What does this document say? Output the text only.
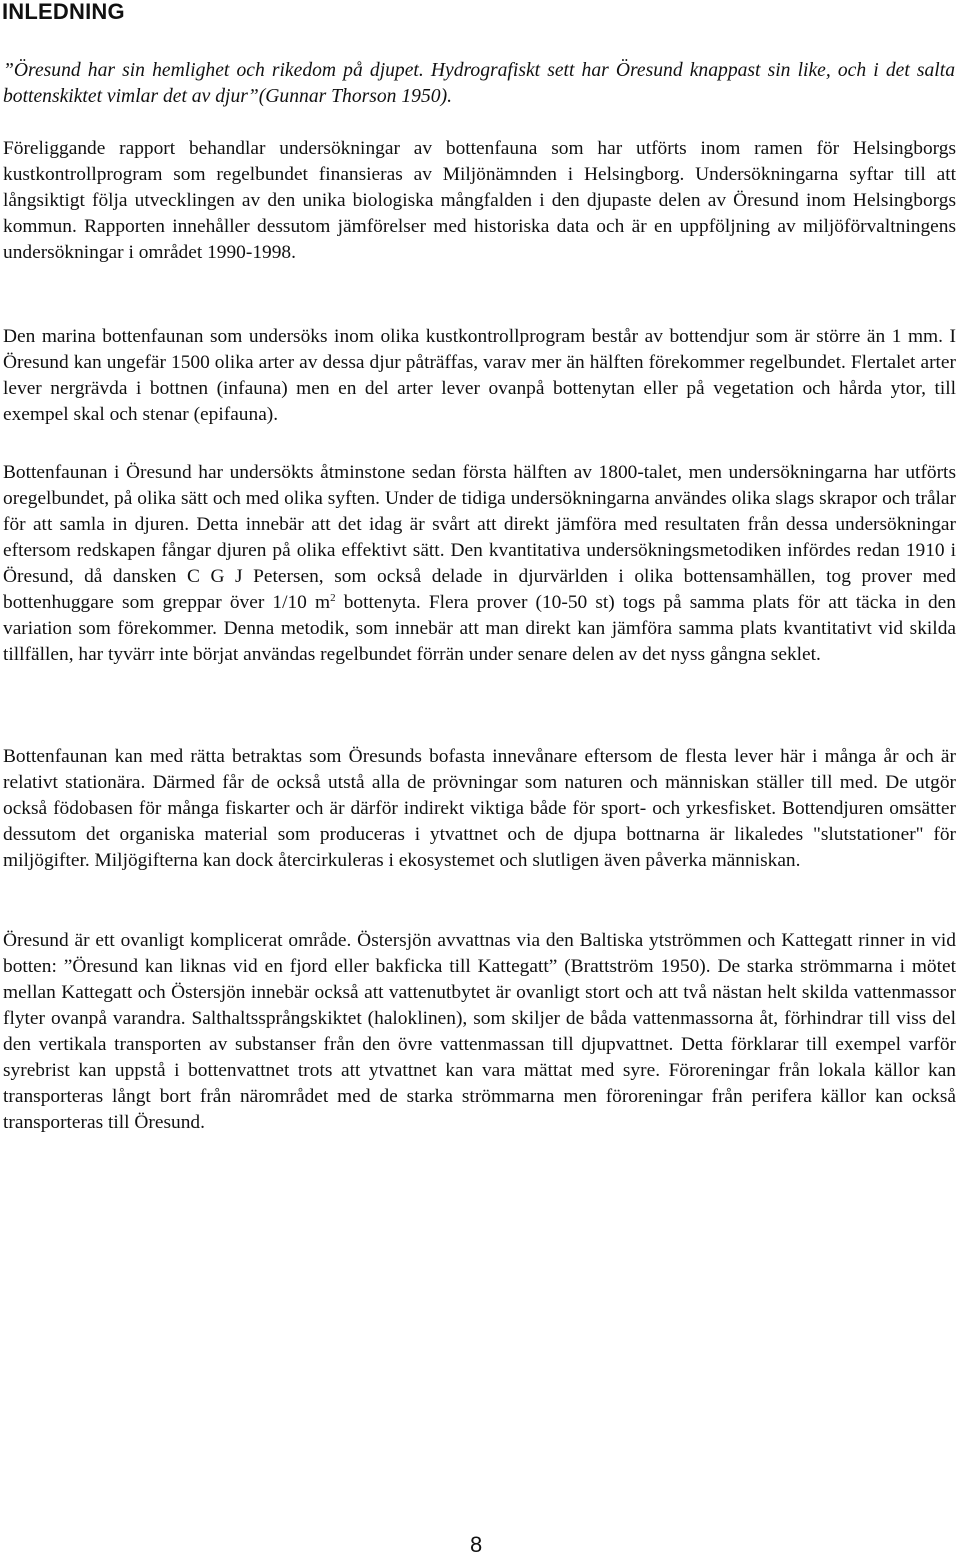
INLEDNING

”Öresund har sin hemlighet och rikedom på djupet. Hydrografiskt sett har Öresund knappast sin like, och i det salta bottenskiktet vimlar det av djur”(Gunnar Thorson 1950).

Föreliggande rapport behandlar undersökningar av bottenfauna som har utförts inom ramen för Helsingborgs kustkontrollprogram som regelbundet finansieras av Miljönämnden i Helsingborg. Undersökningarna syftar till att långsiktigt följa utvecklingen av den unika biologiska mångfalden i den djupaste delen av Öresund inom Helsingborgs kommun. Rapporten innehåller dessutom jämförelser med historiska data och är en uppföljning av miljöförvaltningens undersökningar i området 1990-1998.

Den marina bottenfaunan som undersöks inom olika kustkontrollprogram består av bottendjur som är större än 1 mm. I Öresund kan ungefär 1500 olika arter av dessa djur påträffas, varav mer än hälften förekommer regelbundet. Flertalet arter lever nergrävda i bottnen (infauna) men en del arter lever ovanpå bottenytan eller på vegetation och hårda ytor, till exempel skal och stenar (epifauna).

Bottenfaunan i Öresund har undersökts åtminstone sedan första hälften av 1800-talet, men undersökningarna har utförts oregelbundet, på olika sätt och med olika syften. Under de tidiga undersökningarna användes olika slags skrapor och trålar för att samla in djuren. Detta innebär att det idag är svårt att direkt jämföra med resultaten från dessa undersökningar eftersom redskapen fångar djuren på olika effektivt sätt. Den kvantitativa undersökningsmetodiken infördes redan 1910 i Öresund, då dansken C G J Petersen, som också delade in djurvärlden i olika bottensamhällen, tog prover med bottenhuggare som greppar över 1/10 $m^2$ bottenyta. Flera prover (10-50 st) togs på samma plats för att täcka in den variation som förekommer. Denna metodik, som innebär att man direkt kan jämföra samma plats kvantitativt vid skilda tillfällen, har tyvärr inte börjat användas regelbundet förrän under senare delen av det nyss gångna seklet.

Bottenfaunan kan med rätta betraktas som Öresunds bofasta innevånare eftersom de flesta lever här i många år och är relativt stationära. Därmed får de också utstå alla de prövningar som naturen och människan ställer till med. De utgör också födobasen för många fiskarter och är därför indirekt viktiga både för sport- och yrkesfisket. Bottendjuren omsätter dessutom det organiska material som produceras i ytvattnet och de djupa bottnarna är likaledes "slutstationer" för miljögifter. Miljögifterna kan dock återcirkuleras i ekosystemet och slutligen även påverka människan.

Öresund är ett ovanligt komplicerat område. Östersjön avvattnas via den Baltiska ytströmmen och Kattegatt rinner in vid botten: ”Öresund kan liknas vid en fjord eller bakficka till Kattegatt” (Brattström 1950). De starka strömmarna i mötet mellan Kattegatt och Östersjön innebär också att vattenutbytet är ovanligt stort och att två nästan helt skilda vattenmassor flyter ovanpå varandra. Salthaltssprångskiktet (haloklinen), som skiljer de båda vattenmassorna åt, förhindrar till viss del den vertikala transporten av substanser från den övre vattenmassan till djupvattnet. Detta förklarar till exempel varför syrebrist kan uppstå i bottenvattnet trots att ytvattnet kan vara mättat med syre. Föroreningar från lokala källor kan transporteras långt bort från närområdet med de starka strömmarna men föroreningar från perifera källor kan också transporteras till Öresund.

8
